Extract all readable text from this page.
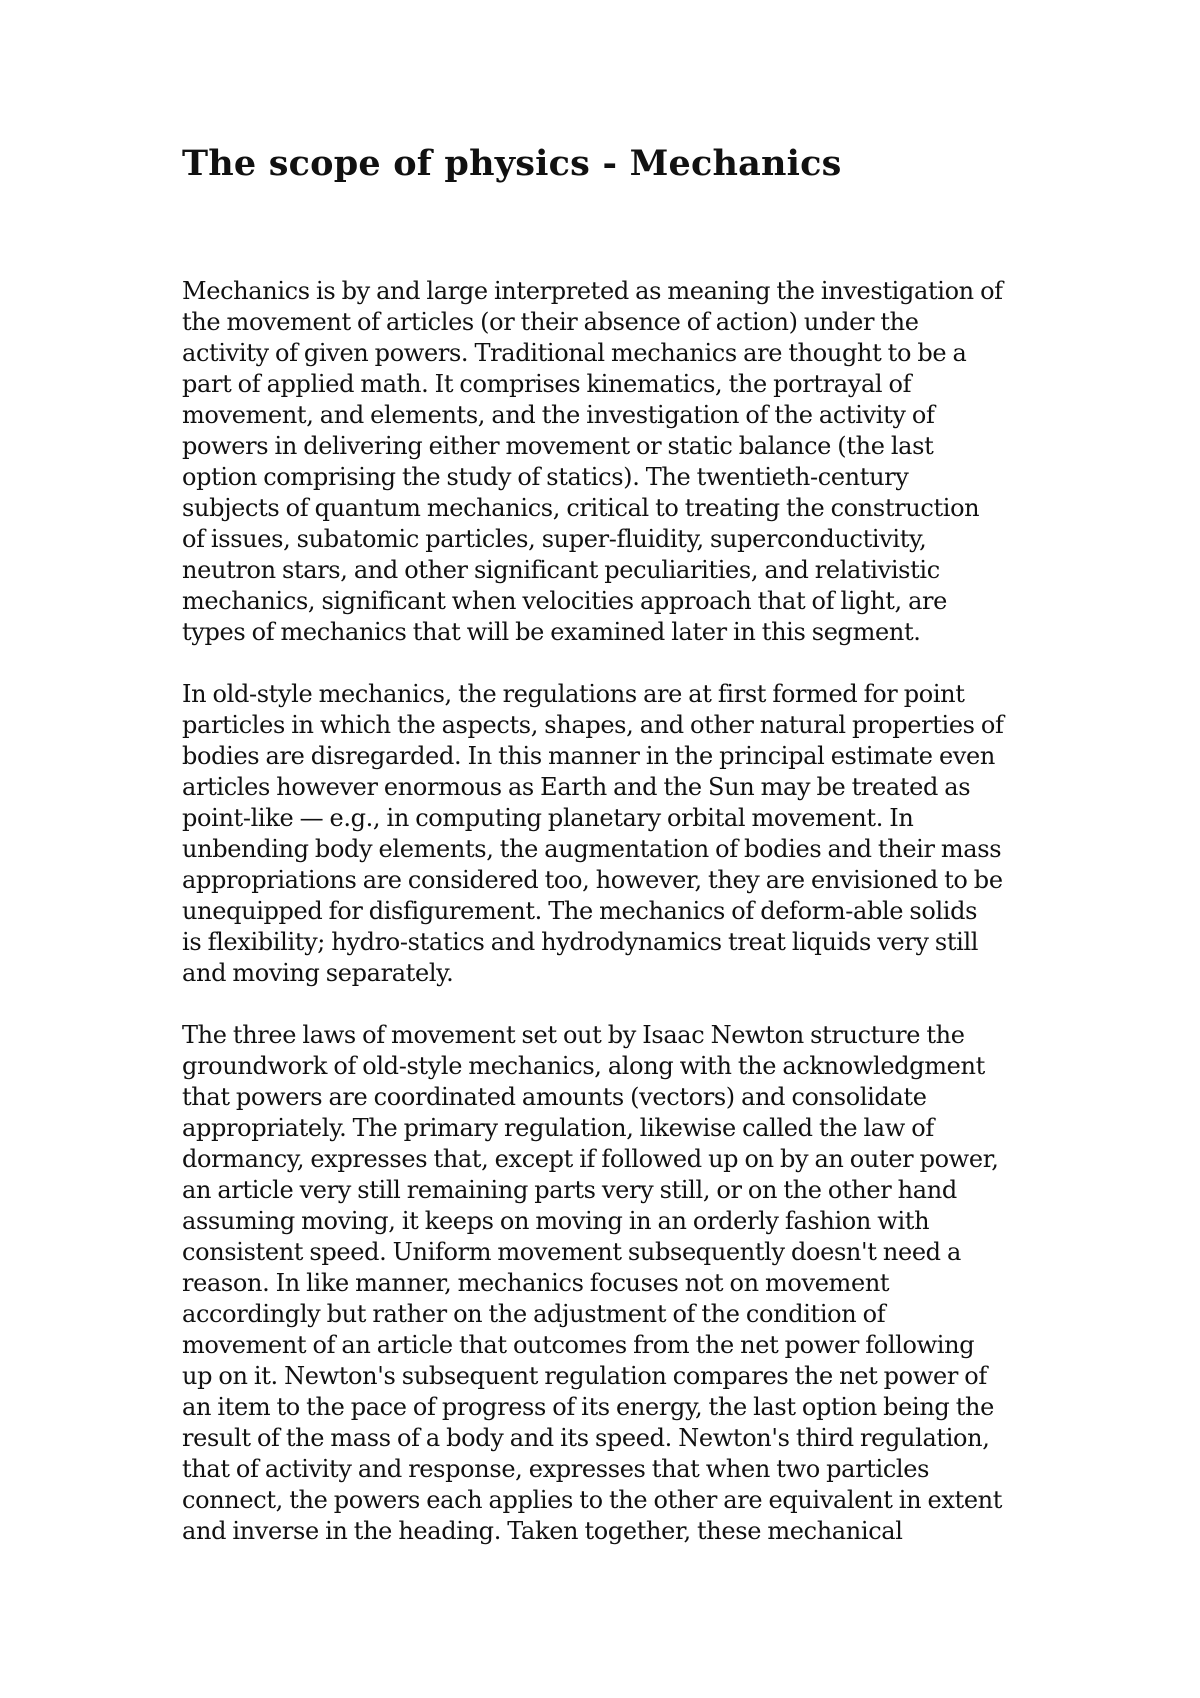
The scope of physics - Mechanics

Mechanics is by and large interpreted as meaning the investigation of
the movement of articles (or their absence of action) under the
activity of given powers. Traditional mechanics are thought to be a
part of applied math. It comprises kinematics, the portrayal of
movement, and elements, and the investigation of the activity of
powers in delivering either movement or static balance (the last
option comprising the study of statics). The twentieth-century
subjects of quantum mechanics, critical to treating the construction
of issues, subatomic particles, super-fluidity, superconductivity,
neutron stars, and other significant peculiarities, and relativistic
mechanics, significant when velocities approach that of light, are
types of mechanics that will be examined later in this segment.

In old-style mechanics, the regulations are at first formed for point
particles in which the aspects, shapes, and other natural properties of
bodies are disregarded. In this manner in the principal estimate even
articles however enormous as Earth and the Sun may be treated as
point-like — e.g., in computing planetary orbital movement. In
unbending body elements, the augmentation of bodies and their mass
appropriations are considered too, however, they are envisioned to be
unequipped for disfigurement. The mechanics of deform-able solids
is flexibility; hydro-statics and hydrodynamics treat liquids very still
and moving separately.

The three laws of movement set out by Isaac Newton structure the
groundwork of old-style mechanics, along with the acknowledgment
that powers are coordinated amounts (vectors) and consolidate
appropriately. The primary regulation, likewise called the law of
dormancy, expresses that, except if followed up on by an outer power,
an article very still remaining parts very still, or on the other hand
assuming moving, it keeps on moving in an orderly fashion with
consistent speed. Uniform movement subsequently doesn't need a
reason. In like manner, mechanics focuses not on movement
accordingly but rather on the adjustment of the condition of
movement of an article that outcomes from the net power following
up on it. Newton's subsequent regulation compares the net power of
an item to the pace of progress of its energy, the last option being the
result of the mass of a body and its speed. Newton's third regulation,
that of activity and response, expresses that when two particles
connect, the powers each applies to the other are equivalent in extent
and inverse in the heading. Taken together, these mechanical
